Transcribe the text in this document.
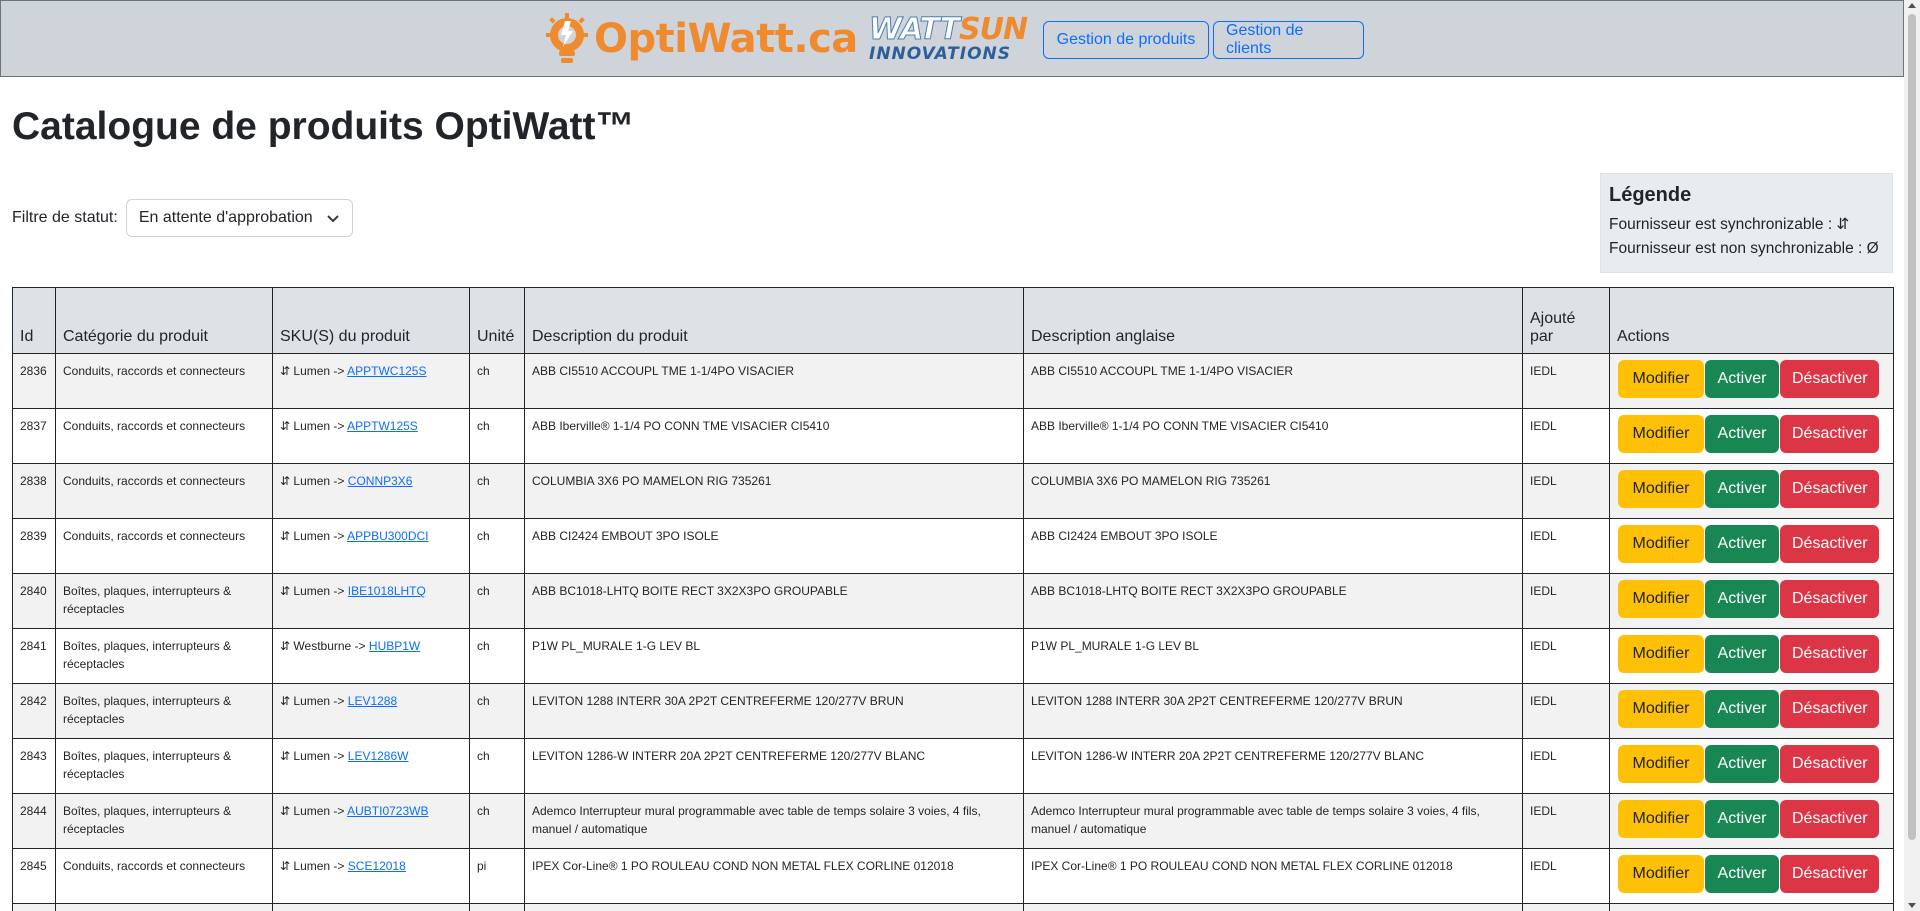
OptiWatt.ca WATTSUN
INNOVATIONS
Gestion de produits
Gestion de clients
Catalogue de produits OptiWatt™
Filtre de statut: En attente d'approbation
Légende
Fournisseur est synchronizable : ⇵
Fournisseur est non synchronizable : Ø
Id	Catégorie du produit	SKU(S) du produit	Unité	Description du produit	Description anglaise	Ajouté par	Actions
2836	Conduits, raccords et connecteurs	⇵ Lumen -> APPTWC125S	ch	ABB CI5510 ACCOUPL TME 1-1/4PO VISACIER	ABB CI5510 ACCOUPL TME 1-1/4PO VISACIER	IEDL	Modifier Activer Désactiver
2837	Conduits, raccords et connecteurs	⇵ Lumen -> APPTW125S	ch	ABB Iberville® 1-1/4 PO CONN TME VISACIER CI5410	ABB Iberville® 1-1/4 PO CONN TME VISACIER CI5410	IEDL	Modifier Activer Désactiver
2838	Conduits, raccords et connecteurs	⇵ Lumen -> CONNP3X6	ch	COLUMBIA 3X6 PO MAMELON RIG 735261	COLUMBIA 3X6 PO MAMELON RIG 735261	IEDL	Modifier Activer Désactiver
2839	Conduits, raccords et connecteurs	⇵ Lumen -> APPBU300DCI	ch	ABB CI2424 EMBOUT 3PO ISOLE	ABB CI2424 EMBOUT 3PO ISOLE	IEDL	Modifier Activer Désactiver
2840	Boîtes, plaques, interrupteurs & réceptacles	⇵ Lumen -> IBE1018LHTQ	ch	ABB BC1018-LHTQ BOITE RECT 3X2X3PO GROUPABLE	ABB BC1018-LHTQ BOITE RECT 3X2X3PO GROUPABLE	IEDL	Modifier Activer Désactiver
2841	Boîtes, plaques, interrupteurs & réceptacles	⇵ Westburne -> HUBP1W	ch	P1W PL_MURALE 1-G LEV BL	P1W PL_MURALE 1-G LEV BL	IEDL	Modifier Activer Désactiver
2842	Boîtes, plaques, interrupteurs & réceptacles	⇵ Lumen -> LEV1288	ch	LEVITON 1288 INTERR 30A 2P2T CENTREFERME 120/277V BRUN	LEVITON 1288 INTERR 30A 2P2T CENTREFERME 120/277V BRUN	IEDL	Modifier Activer Désactiver
2843	Boîtes, plaques, interrupteurs & réceptacles	⇵ Lumen -> LEV1286W	ch	LEVITON 1286-W INTERR 20A 2P2T CENTREFERME 120/277V BLANC	LEVITON 1286-W INTERR 20A 2P2T CENTREFERME 120/277V BLANC	IEDL	Modifier Activer Désactiver
2844	Boîtes, plaques, interrupteurs & réceptacles	⇵ Lumen -> AUBTI0723WB	ch	Ademco Interrupteur mural programmable avec table de temps solaire 3 voies, 4 fils, manuel / automatique	Ademco Interrupteur mural programmable avec table de temps solaire 3 voies, 4 fils, manuel / automatique	IEDL	Modifier Activer Désactiver
2845	Conduits, raccords et connecteurs	⇵ Lumen -> SCE12018	pi	IPEX Cor-Line® 1 PO ROULEAU COND NON METAL FLEX CORLINE 012018	IPEX Cor-Line® 1 PO ROULEAU COND NON METAL FLEX CORLINE 012018	IEDL	Modifier Activer Désactiver
